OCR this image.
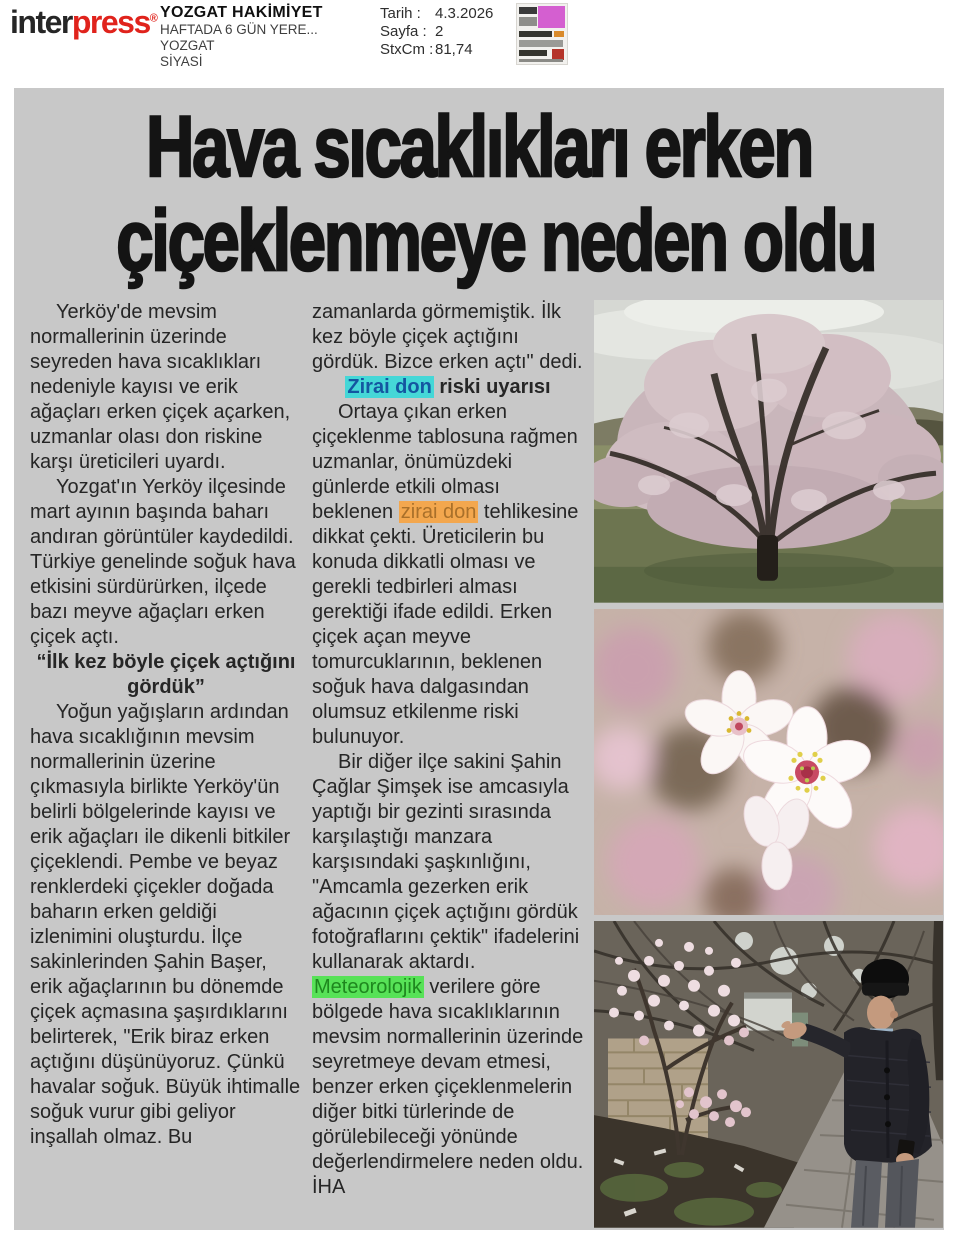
interpress® YOZGAT HAKİMİYET
HAFTADA 6 GÜN YERE...
YOZGAT
SİYASİ
Tarih : 4.3.2026
Sayfa : 2
StxCm : 81,74
Hava sıcaklıkları erken
çiçeklenmeye neden oldu

Yerköy'de mevsim normallerinin üzerinde seyreden hava sıcaklıkları nedeniyle kayısı ve erik ağaçları erken çiçek açarken, uzmanlar olası don riskine karşı üreticileri uyardı.

Yozgat'ın Yerköy ilçesinde mart ayının başında baharı andıran görüntüler kaydedildi. Türkiye genelinde soğuk hava etkisini sürdürürken, ilçede bazı meyve ağaçları erken çiçek açtı.

“İlk kez böyle çiçek açtığını gördük”

Yoğun yağışların ardından hava sıcaklığının mevsim normallerinin üzerine çıkmasıyla birlikte Yerköy'ün belirli bölgelerinde kayısı ve erik ağaçları ile dikenli bitkiler çiçeklendi. Pembe ve beyaz renklerdeki çiçekler doğada baharın erken geldiği izlenimini oluşturdu. İlçe sakinlerinden Şahin Başer, erik ağaçlarının bu dönemde çiçek açmasına şaşırdıklarını belirterek, "Erik biraz erken açtığını düşünüyoruz. Çünkü havalar soğuk. Büyük ihtimalle soğuk vurur gibi geliyor inşallah olmaz. Bu

zamanlarda görmemiştik. İlk kez böyle çiçek açtığını gördük. Bizce erken açtı" dedi.

Zirai don riski uyarısı

Ortaya çıkan erken çiçeklenme tablosuna rağmen uzmanlar, önümüzdeki günlerde etkili olması beklenen zirai don tehlikesine dikkat çekti. Üreticilerin bu konuda dikkatli olması ve gerekli tedbirleri alması gerektiği ifade edildi. Erken çiçek açan meyve tomurcuklarının, beklenen soğuk hava dalgasından olumsuz etkilenme riski bulunuyor.

Bir diğer ilçe sakini Şahin Çağlar Şimşek ise amcasıyla yaptığı bir gezinti sırasında karşılaştığı manzara karşısındaki şaşkınlığını, "Amcamla gezerken erik ağacının çiçek açtığını gördük fotoğraflarını çektik" ifadelerini kullanarak aktardı. Meteorolojik verilere göre bölgede hava sıcaklıklarının mevsim normallerinin üzerinde seyretmeye devam etmesi, benzer erken çiçeklenmelerin diğer bitki türlerinde de görülebileceği yönünde değerlendirmelere neden oldu. İHA
